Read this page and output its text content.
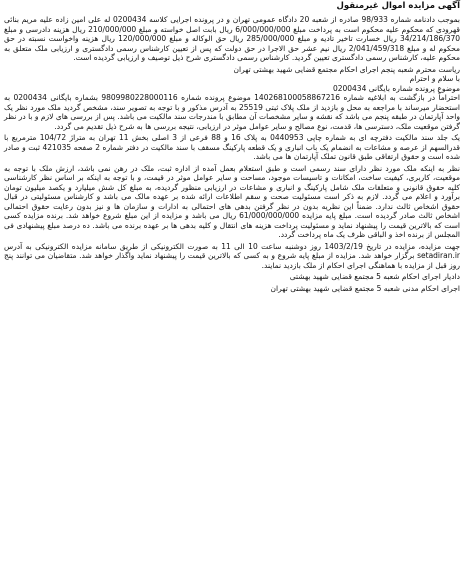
آگهی مزایده اموال غیرمنقول

بموجب دادنامه شماره 98/933 صادره از شعبه 20 دادگاه عمومی تهران و در پرونده اجرایی کلاسه 0200434 له علی امین زاده علیه مریم بنائی قهرودی که محکوم علیه محکوم است به پرداخت مبلغ 6/000/000/000 ریال بابت اصل خواسته و مبلغ 210/000/000 ریال هزینه دادرسی و مبلغ 34/214/186/370 ریال خسارت تاخیر تادیه و مبلغ 285/000/000 ریال حق الوکاله و مبلغ 120/000/000 ریال هزینه واخواست نسبته در حق محکوم له و مبلغ 2/041/459/318 ریال نیم عشر حق الاجرا در حق دولت که پس از تعیین کارشناس رسمی دادگستری و ارزیابی ملک متعلق به محکوم علیه، کارشناس رسمی دادگستری تعیین گردید. کارشناس رسمی دادگستری شرح ذیل توصیف و ارزیابی گردیده است.

ریاست محترم شعبه پنجم اجرای احکام مجتمع قضایی شهید بهشتی تهران

با سلام و احترام

موضوع پرونده شماره بایگانی 0200434

احتراماً در بازگشت به ابلاغیه شماره 140268100058867216 موضوع پرونده شماره 9809980228000116 بشماره بایگانی 0200434 به استحضار میرساند با مراجعه به محل و بازدید از ملک پلاک ثبتی 25519 به آدرس مذکور و با توجه به تصویر سند، مشخص گردید ملک مورد نظر یک واحد آپارتمان در طبقه پنجم می باشد که نقشه و سایر مشخصات آن مطابق با مندرجات سند مالکیت می باشد. پس از بررسی های لازم و با در نظر گرفتن موقعیت ملک، دسترسی ها، قدمت، نوع مصالح و سایر عوامل موثر در ارزیابی، نتیجه بررسی ها به شرح ذیل تقدیم می گردد.

یک جلد سند مالکیت دفترچه ای به شماره چاپی 0440953 به پلاک 16 و 88 فرعی از 3 اصلی بخش 11 تهران به متراژ 104/72 مترمربع با قدرالسهم از عرصه و مشاعات به انضمام یک باب انباری و یک قطعه پارکینگ مسقف با سند مالکیت در دفتر شماره 2 صفحه 421035 ثبت و صادر شده است و حقوق ارتفاقی طبق قانون تملک آپارتمان ها می باشد.

نظر به اینکه ملک مورد نظر دارای سند رسمی است و طبق استعلام بعمل آمده از اداره ثبت، ملک در رهن نمی باشد، ارزش ملک با توجه به موقعیت، کاربری، کیفیت ساخت، امکانات و تاسیسات موجود، مساحت و سایر عوامل موثر در قیمت، و با توجه به اینکه بر اساس نظر کارشناسی کلیه حقوق قانونی و متعلقات ملک شامل پارکینگ و انباری و مشاعات در ارزیابی منظور گردیده، به مبلغ کل شش میلیارد و یکصد میلیون تومان برآورد و اعلام می گردد. لازم به ذکر است مسئولیت صحت و سقم اطلاعات ارائه شده بر عهده مالک می باشد و کارشناس مسئولیتی در قبال حقوق اشخاص ثالث ندارد. ضمناً این نظریه بدون در نظر گرفتن بدهی های احتمالی به ادارات و سازمان ها و نیز بدون رعایت حقوق احتمالی اشخاص ثالث صادر گردیده است. مبلغ پایه مزایده 61/000/000/000 ریال می باشد و مزایده از این مبلغ شروع خواهد شد. برنده مزایده کسی است که بالاترین قیمت را پیشنهاد نماید و مسئولیت پرداخت هزینه های انتقال و کلیه بدهی ها بر عهده برنده می باشد. ده درصد مبلغ پیشنهادی فی المجلس از برنده اخذ و الباقی ظرف یک ماه پرداخت گردد.

جهت مزایده، مزایده در تاریخ 1403/2/19 روز دوشنبه ساعت 10 الی 11 به صورت الکترونیکی از طریق سامانه مزایده الکترونیکی به آدرس setadiran.ir برگزار خواهد شد. مزایده از مبلغ پایه شروع و به کسی که بالاترین قیمت را پیشنهاد نماید واگذار خواهد شد. متقاضیان می توانند پنج روز قبل از مزایده با هماهنگی اجرای احکام از ملک بازدید نمایند.

دادیار اجرای احکام شعبه 5 مجتمع قضایی شهید بهشتی

اجرای احکام مدنی شعبه 5 مجتمع قضایی شهید بهشتی تهران
